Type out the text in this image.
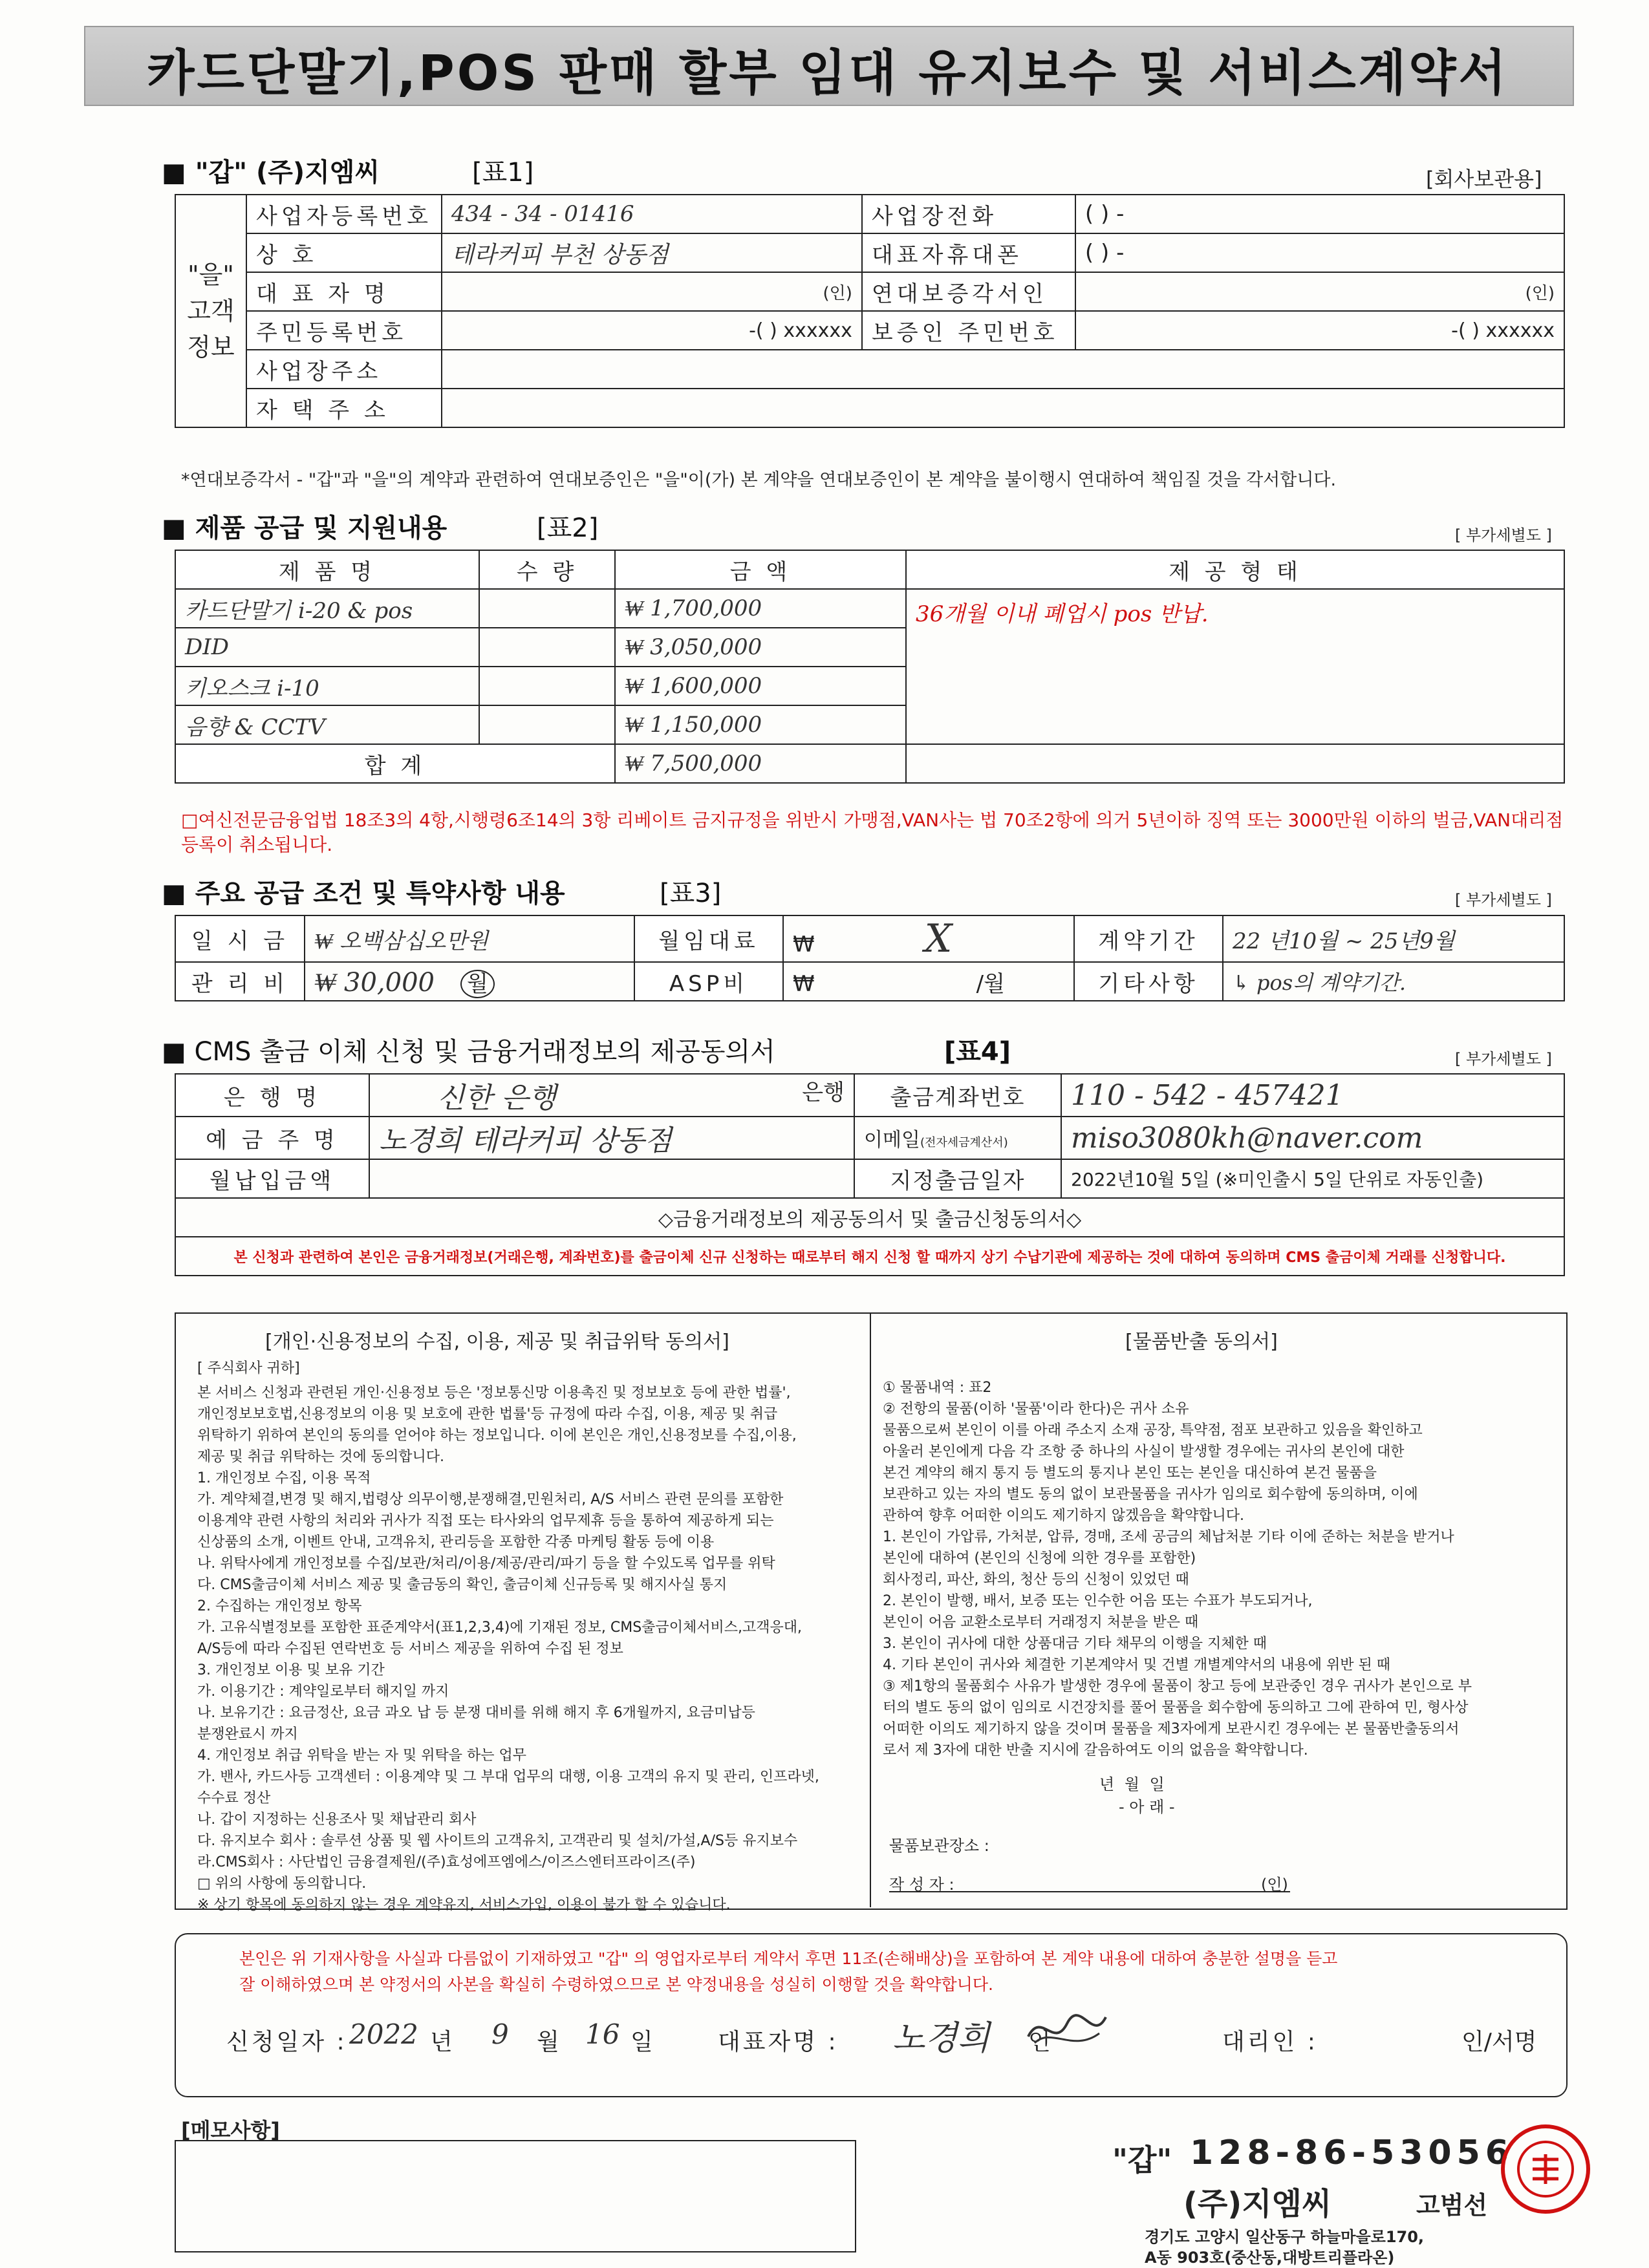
카드단말기,POS 판매 할부 임대 유지보수 및 서비스계약서
■ "갑" (주)지엠씨	[표1]	[회사보관용]
"을" 고객정보	사업자등록번호	434 - 34 - 01416	사업장전화	( ) -
	상 호	테라커피 부천 상동점	대표자휴대폰	( ) -
	대 표 자 명	(인)	연대보증각서인	(인)
	주민등록번호	-( ) xxxxxx	보증인 주민번호	-( ) xxxxxx
	사업장주소			
	자 택 주 소			
*연대보증각서 - "갑"과 "을"의 계약과 관련하여 연대보증인은 "을"이(가) 본 계약을 연대보증인이 본 계약을 불이행시 연대하여 책임질 것을 각서합니다.
■ 제품 공급 및 지원내용	[표2]	[ 부가세별도 ]
제 품 명	수 량	금 액	제 공 형 태
카드단말기 i-20 & pos		₩ 1,700,000	36개월 이내 폐업시 pos 반납.
DID		₩ 3,050,000	
키오스크 i-10		₩ 1,600,000	
음향 & CCTV		₩ 1,150,000	
합 계		₩ 7,500,000	
□여신전문금융업법 18조3의 4항,시행령6조14의 3항 리베이트 금지규정을 위반시 가맹점,VAN사는 법 70조2항에 의거 5년이하 징역 또는 3000만원 이하의 벌금,VAN대리점 등록이 취소됩니다.
■ 주요 공급 조건 및 특약사항 내용	[표3]	[ 부가세별도 ]
일 시 금	₩ 오백삼십오만원	월임대료	₩ X	계약기간	22 년10월 ~ 25년9월
관 리 비	₩ 30,000 월	ASP비	₩ /월	기타사항	↳ pos의 계약기간.
■ CMS 출금 이체 신청 및 금융거래정보의 제공동의서	[표4]	[ 부가세별도 ]
은 행 명	신한 은행 은행	출금계좌번호	110 - 542 - 457421
예 금 주 명	노경희 테라커피 상동점	이메일(전자세금계산서)	miso3080kh@naver.com
월납입금액		지정출금일자	2022년10월 5일 (※미인출시 5일 단위로 자동인출)
◇금융거래정보의 제공동의서 및 출금신청동의서◇			
본 신청과 관련하여 본인은 금융거래정보(거래은행, 계좌번호)를 출금이체 신규 신청하는 때로부터 해지 신청 할 때까지 상기 수납기관에 제공하는 것에 대하여 동의하며 CMS 출금이체 거래를 신청합니다.			
[개인·신용정보의 수집, 이용, 제공 및 취급위탁 동의서]
[ 주식회사 귀하]
본 서비스 신청과 관련된 개인·신용정보 등은 '정보통신망 이용촉진 및 정보보호 등에 관한 법률',
개인정보보호법,신용정보의 이용 및 보호에 관한 법률'등 규정에 따라 수집, 이용, 제공 및 취급
위탁하기 위하여 본인의 동의를 얻어야 하는 정보입니다. 이에 본인은 개인,신용정보를 수집,이용,
제공 및 취급 위탁하는 것에 동의합니다.
1. 개인정보 수집, 이용 목적
가. 계약체결,변경 및 해지,법령상 의무이행,분쟁해결,민원처리, A/S 서비스 관련 문의를 포함한
이용계약 관련 사항의 처리와 귀사가 직접 또는 타사와의 업무제휴 등을 통하여 제공하게 되는
신상품의 소개, 이벤트 안내, 고객유치, 관리등을 포함한 각종 마케팅 활동 등에 이용
나. 위탁사에게 개인정보를 수집/보관/처리/이용/제공/관리/파기 등을 할 수있도록 업무를 위탁
다. CMS출금이체 서비스 제공 및 출금동의 확인, 출금이체 신규등록 및 해지사실 통지
2. 수집하는 개인정보 항목
가. 고유식별정보를 포함한 표준계약서(표1,2,3,4)에 기재된 정보, CMS출금이체서비스,고객응대,
A/S등에 따라 수집된 연락번호 등 서비스 제공을 위하여 수집 된 정보
3. 개인정보 이용 및 보유 기간
가. 이용기간 : 계약일로부터 해지일 까지
나. 보유기간 : 요금정산, 요금 과오 납 등 분쟁 대비를 위해 해지 후 6개월까지, 요금미납등
분쟁완료시 까지
4. 개인정보 취급 위탁을 받는 자 및 위탁을 하는 업무
가. 밴사, 카드사등 고객센터 : 이용계약 및 그 부대 업무의 대행, 이용 고객의 유지 및 관리, 인프라넷,
수수료 정산
나. 갑이 지정하는 신용조사 및 채납관리 회사
다. 유지보수 회사 : 솔루션 상품 및 웹 사이트의 고객유치, 고객관리 및 설치/가설,A/S등 유지보수
라.CMS회사 : 사단법인 금융결제원/(주)효성에프엠에스/이즈스엔터프라이즈(주)
□ 위의 사항에 동의합니다.
※ 상기 항목에 동의하지 않는 경우 계약유지, 서비스가입, 이용이 불가 할 수 있습니다.
[물품반출 동의서]
① 물품내역 : 표2
② 전항의 물품(이하 '물품'이라 한다)은 귀사 소유
물품으로써 본인이 이를 아래 주소지 소재 공장, 특약점, 점포 보관하고 있음을 확인하고
아울러 본인에게 다음 각 조항 중 하나의 사실이 발생할 경우에는 귀사의 본인에 대한
본건 계약의 해지 통지 등 별도의 통지나 본인 또는 본인을 대신하여 본건 물품을
보관하고 있는 자의 별도 동의 없이 보관물품을 귀사가 임의로 회수함에 동의하며, 이에
관하여 향후 어떠한 이의도 제기하지 않겠음을 확약합니다.
1. 본인이 가압류, 가처분, 압류, 경매, 조세 공금의 체납처분 기타 이에 준하는 처분을 받거나
본인에 대하여 (본인의 신청에 의한 경우를 포함한)
회사정리, 파산, 화의, 청산 등의 신청이 있었던 때
2. 본인이 발행, 배서, 보증 또는 인수한 어음 또는 수표가 부도되거나,
본인이 어음 교환소로부터 거래정지 처분을 받은 때
3. 본인이 귀사에 대한 상품대금 기타 채무의 이행을 지체한 때
4. 기타 본인이 귀사와 체결한 기본계약서 및 건별 개별계약서의 내용에 위반 된 때
③ 제1항의 물품회수 사유가 발생한 경우에 물품이 창고 등에 보관중인 경우 귀사가 본인으로 부
터의 별도 동의 없이 임의로 시건장치를 풀어 물품을 회수함에 동의하고 그에 관하여 민, 형사상
어떠한 이의도 제기하지 않을 것이며 물품을 제3자에게 보관시킨 경우에는 본 물품반출동의서
로서 제 3자에 대한 반출 지시에 갈음하여도 이의 없음을 확약합니다.
년 월 일
- 아 래 -
물품보관장소 :
작 성 자 :	(인)
본인은 위 기재사항을 사실과 다름없이 기재하였고 "갑" 의 영업자로부터 계약서 후면 11조(손해배상)을 포함하여 본 계약 내용에 대하여 충분한 설명을 듣고
잘 이해하였으며 본 약정서의 사본을 확실히 수령하였으므로 본 약정내용을 성실히 이행할 것을 확약합니다.
신청일자 : 2022 년 9 월 16 일	대표자명 : 노경희 인	대리인 :	인/서명
[메모사항]
"갑" 128-86-53056
(주)지엠씨	고범선
경기도 고양시 일산동구 하늘마을로170,
A동 903호(중산동,대방트리플라온)
